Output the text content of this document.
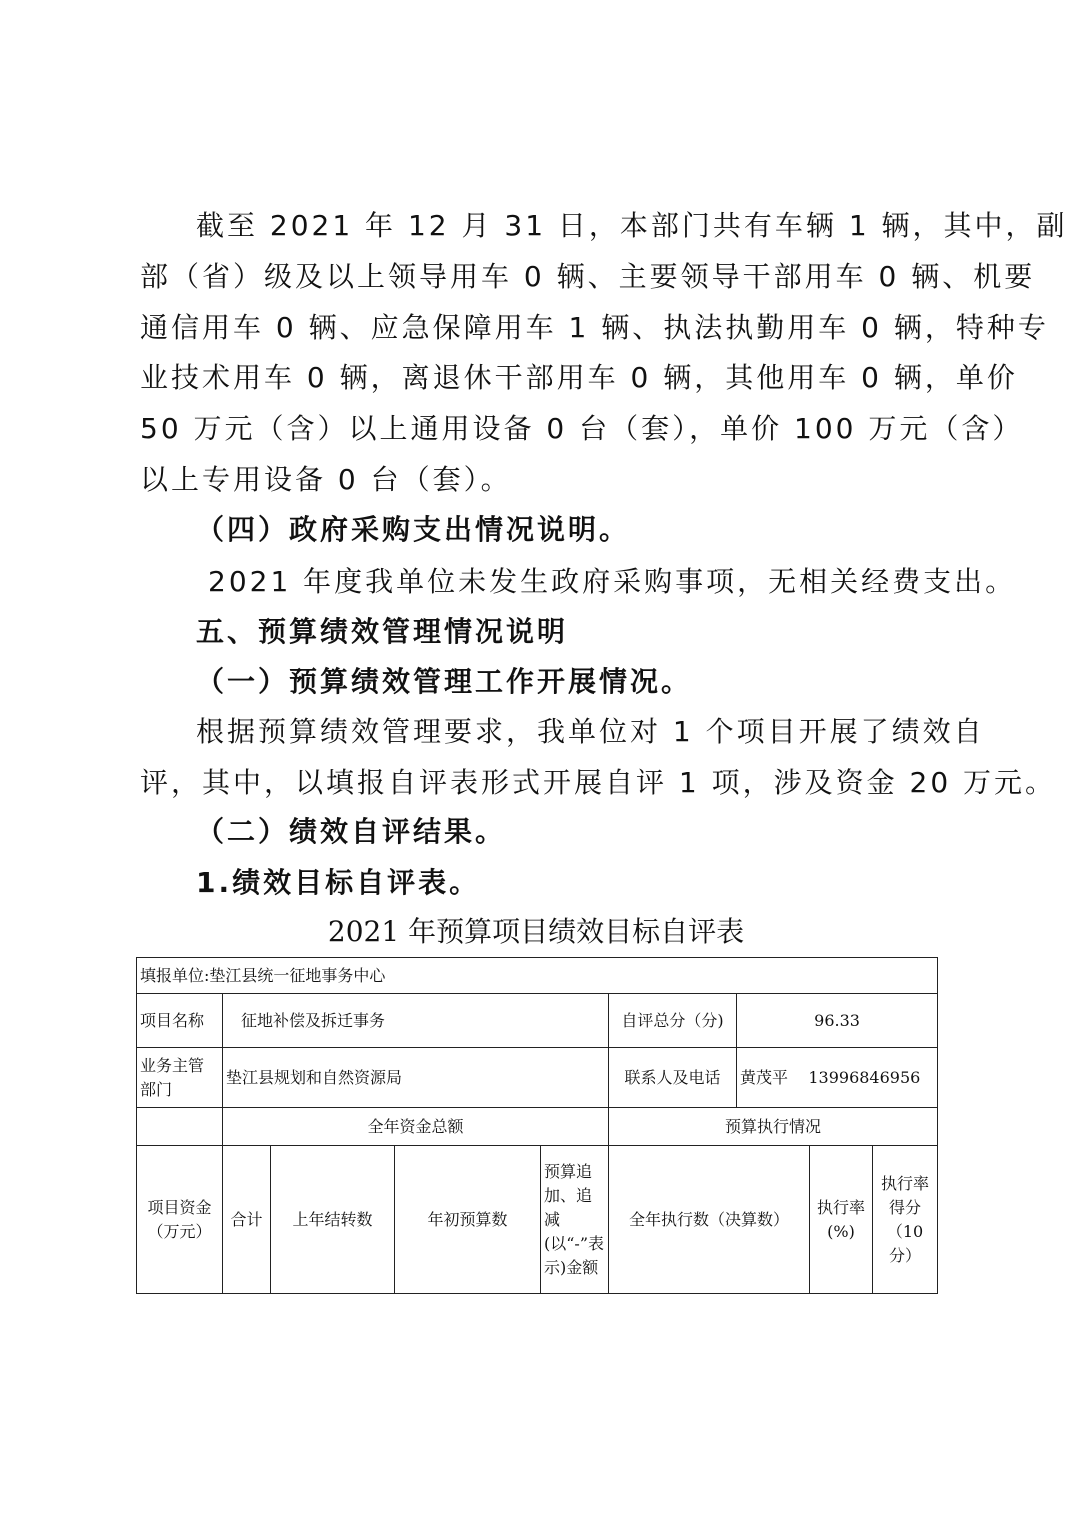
截至 2021 年 12 月 31 日，本部门共有车辆 1 辆，其中，副
部（省）级及以上领导用车 0 辆、主要领导干部用车 0 辆、机要
通信用车 0 辆、应急保障用车 1 辆、执法执勤用车 0 辆，特种专
业技术用车 0 辆，离退休干部用车 0 辆，其他用车 0 辆，单价
50 万元（含）以上通用设备 0 台（套），单价 100 万元（含）
以上专用设备 0 台（套）。
（四）政府采购支出情况说明。
2021 年度我单位未发生政府采购事项，无相关经费支出。
五、预算绩效管理情况说明
（一）预算绩效管理工作开展情况。
根据预算绩效管理要求，我单位对 1 个项目开展了绩效自
评，其中，以填报自评表形式开展自评 1 项，涉及资金 20 万元。
（二）绩效自评结果。
1.绩效目标自评表。
2021 年预算项目绩效目标自评表
填报单位:垫江县统一征地事务中心								
项目名称	征地补偿及拆迁事务				自评总分（分)	96.33		
业务主管部门	垫江县规划和自然资源局				联系人及电话	黄茂平    13996846956		
	全年资金总额				预算执行情况			
项目资金（万元）	合计	上年结转数	年初预算数	预算追加、追减(以“-”表示)金额	全年执行数（决算数）		执行率(%)	执行率得分（10分）
